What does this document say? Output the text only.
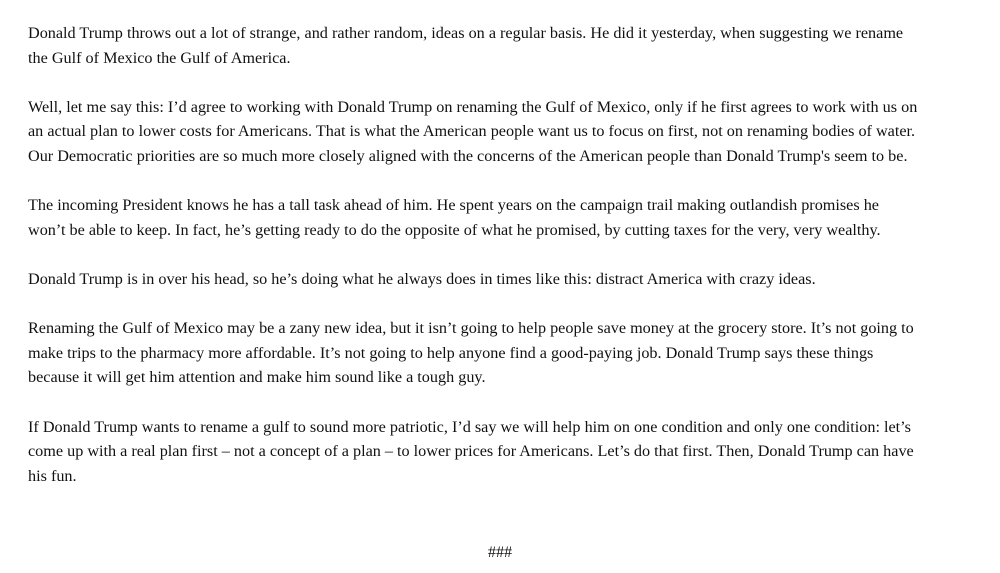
Donald Trump throws out a lot of strange, and rather random, ideas on a regular basis. He did it yesterday, when suggesting we rename
the Gulf of Mexico the Gulf of America.

Well, let me say this: I’d agree to working with Donald Trump on renaming the Gulf of Mexico, only if he first agrees to work with us on
an actual plan to lower costs for Americans. That is what the American people want us to focus on first, not on renaming bodies of water.
Our Democratic priorities are so much more closely aligned with the concerns of the American people than Donald Trump's seem to be.

The incoming President knows he has a tall task ahead of him. He spent years on the campaign trail making outlandish promises he
won’t be able to keep. In fact, he’s getting ready to do the opposite of what he promised, by cutting taxes for the very, very wealthy.

Donald Trump is in over his head, so he’s doing what he always does in times like this: distract America with crazy ideas.

Renaming the Gulf of Mexico may be a zany new idea, but it isn’t going to help people save money at the grocery store. It’s not going to
make trips to the pharmacy more affordable. It’s not going to help anyone find a good-paying job. Donald Trump says these things
because it will get him attention and make him sound like a tough guy.

If Donald Trump wants to rename a gulf to sound more patriotic, I’d say we will help him on one condition and only one condition: let’s
come up with a real plan first – not a concept of a plan – to lower prices for Americans. Let’s do that first. Then, Donald Trump can have
his fun.

###
